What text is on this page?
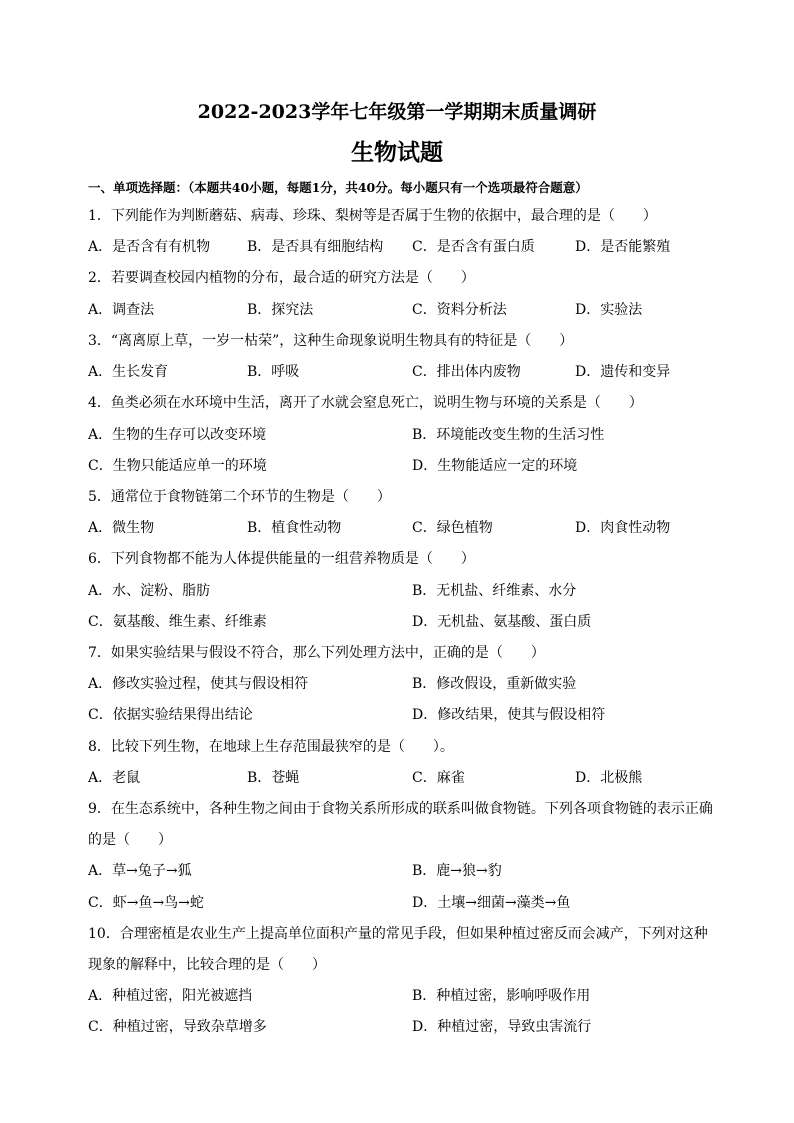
2022-2023学年七年级第一学期期末质量调研
生物试题
一、单项选择题：（本题共40小题，每题1分，共40分。每小题只有一个选项最符合题意）
1．下列能作为判断蘑菇、病毒、珍珠、梨树等是否属于生物的依据中，最合理的是（　　）
A．是否含有有机物	B．是否具有细胞结构 C．是否含有蛋白质	D．是否能繁殖
2．若要调查校园内植物的分布，最合适的研究方法是（　　）
A．调查法	B．探究法	C．资料分析法	D．实验法
3．“离离原上草，一岁一枯荣”，这种生命现象说明生物具有的特征是（　　）
A．生长发育	B．呼吸	C．排出体内废物	D．遗传和变异
4．鱼类必须在水环境中生活，离开了水就会窒息死亡，说明生物与环境的关系是（　　）
A．生物的生存可以改变环境	B．环境能改变生物的生活习性
C．生物只能适应单一的环境	D．生物能适应一定的环境
5．通常位于食物链第二个环节的生物是（　　）
A．微生物	B．植食性动物	C．绿色植物	D．肉食性动物
6．下列食物都不能为人体提供能量的一组营养物质是（　　）
A．水、淀粉、脂肪	B．无机盐、纤维素、水分
C．氨基酸、维生素、纤维素	D．无机盐、氨基酸、蛋白质
7．如果实验结果与假设不符合，那么下列处理方法中，正确的是（　　）
A．修改实验过程，使其与假设相符	B．修改假设，重新做实验
C．依据实验结果得出结论	D．修改结果，使其与假设相符
8．比较下列生物，在地球上生存范围最狭窄的是（　　）。
A．老鼠	B．苍蝇	C．麻雀	D．北极熊
9．在生态系统中，各种生物之间由于食物关系所形成的联系叫做食物链。下列各项食物链的表示正确
的是（　　）
A．草→兔子→狐	B．鹿→狼→豹
C．虾→鱼→鸟→蛇	D．土壤→细菌→藻类→鱼
10．合理密植是农业生产上提高单位面积产量的常见手段，但如果种植过密反而会减产，下列对这种
现象的解释中，比较合理的是（　　）
A．种植过密，阳光被遮挡	B．种植过密，影响呼吸作用
C．种植过密，导致杂草增多	D．种植过密，导致虫害流行
